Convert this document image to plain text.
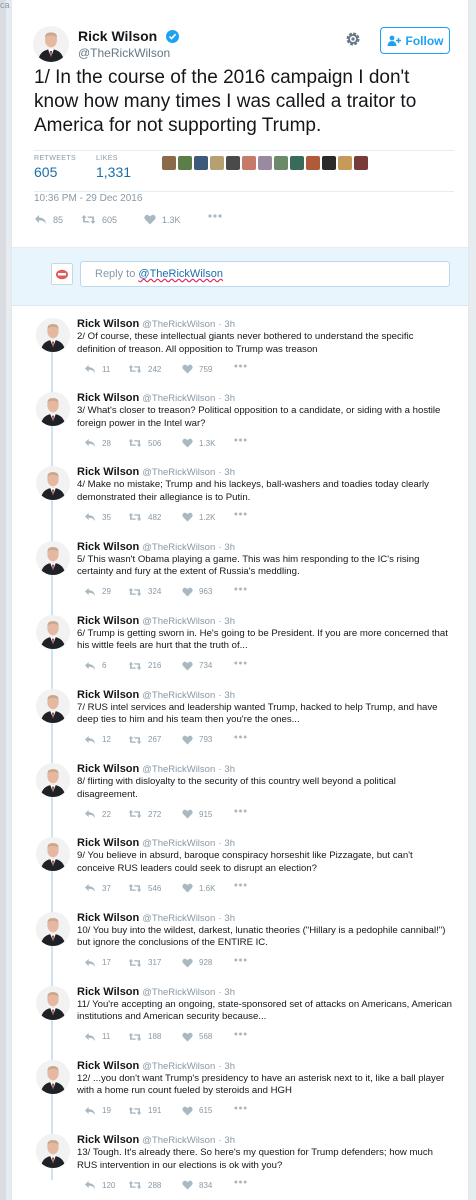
ca
Rick Wilson
@TheRickWilson
Follow
1/ In the course of the 2016 campaign I don't know how many times I was called a traitor to America for not supporting Trump.
RETWEETS
605
LIKES
1,331
10:36 PM - 29 Dec 2016
85	605	1.3K
Reply to @TheRickWilson
Rick Wilson @TheRickWilson · 3h
2/ Of course, these intellectual giants never bothered to understand the specific definition of treason. All opposition to Trump was treason
11	242	759
Rick Wilson @TheRickWilson · 3h
3/ What's closer to treason? Political opposition to a candidate, or siding with a hostile foreign power in the Intel war?
28	506	1.3K
Rick Wilson @TheRickWilson · 3h
4/ Make no mistake; Trump and his lackeys, ball-washers and toadies today clearly demonstrated their allegiance is to Putin.
35	482	1.2K
Rick Wilson @TheRickWilson · 3h
5/ This wasn't Obama playing a game. This was him responding to the IC's rising certainty and fury at the extent of Russia's meddling.
29	324	963
Rick Wilson @TheRickWilson · 3h
6/ Trump is getting sworn in. He's going to be President. If you are more concerned that his wittle feels are hurt that the truth of...
6	216	734
Rick Wilson @TheRickWilson · 3h
7/ RUS intel services and leadership wanted Trump, hacked to help Trump, and have deep ties to him and his team then you're the ones...
12	267	793
Rick Wilson @TheRickWilson · 3h
8/ flirting with disloyalty to the security of this country well beyond a political disagreement.
22	272	915
Rick Wilson @TheRickWilson · 3h
9/ You believe in absurd, baroque conspiracy horseshit like Pizzagate, but can't conceive RUS leaders could seek to disrupt an election?
37	546	1.6K
Rick Wilson @TheRickWilson · 3h
10/ You buy into the wildest, darkest, lunatic theories ("Hillary is a pedophile cannibal!") but ignore the conclusions of the ENTIRE IC.
17	317	928
Rick Wilson @TheRickWilson · 3h
11/ You're accepting an ongoing, state-sponsored set of attacks on Americans, American institutions and American security because...
11	188	568
Rick Wilson @TheRickWilson · 3h
12/ ...you don't want Trump's presidency to have an asterisk next to it, like a ball player with a home run count fueled by steroids and HGH
19	191	615
Rick Wilson @TheRickWilson · 3h
13/ Tough. It's already there. So here's my question for Trump defenders; how much RUS intervention in our elections is ok with you?
120	288	834
